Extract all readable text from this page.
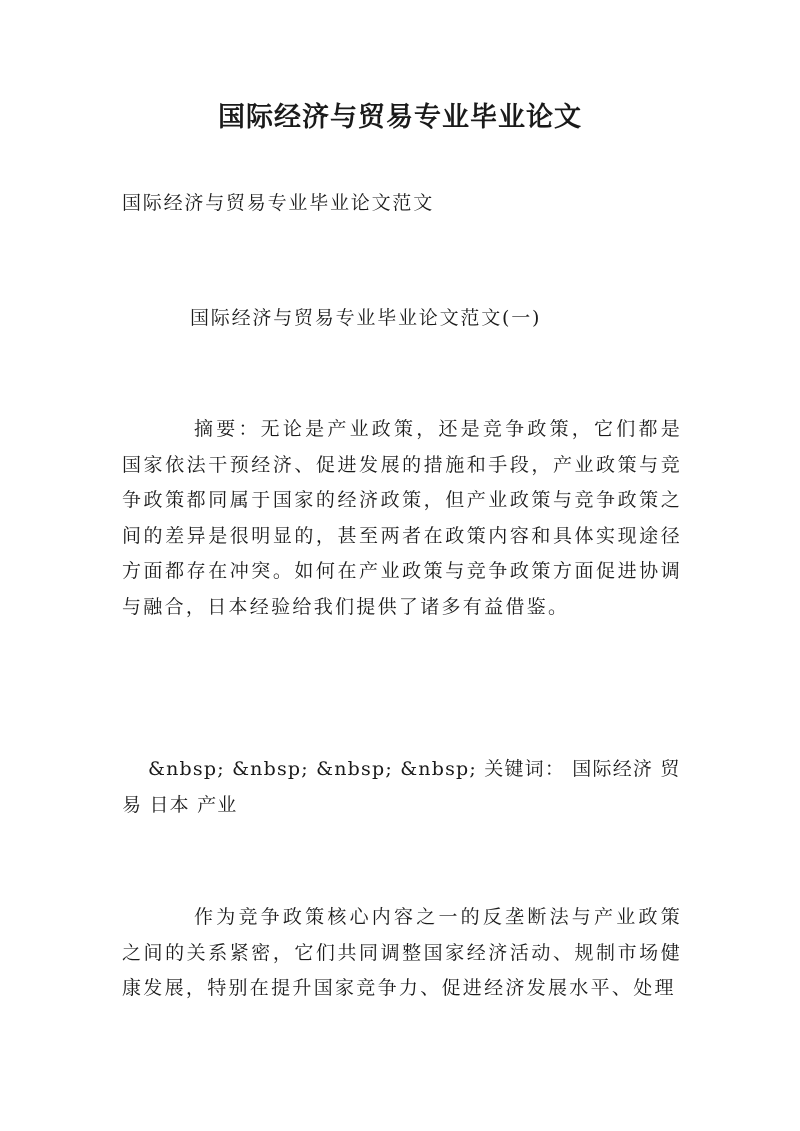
国际经济与贸易专业毕业论文
国际经济与贸易专业毕业论文范文
国际经济与贸易专业毕业论文范文(一)
摘要：无论是产业政策，还是竞争政策，它们都是国家依法干预经济、促进发展的措施和手段，产业政策与竞争政策都同属于国家的经济政策，但产业政策与竞争政策之间的差异是很明显的，甚至两者在政策内容和具体实现途径方面都存在冲突。如何在产业政策与竞争政策方面促进协调与融合，日本经验给我们提供了诸多有益借鉴。
&nbsp; &nbsp; &nbsp; &nbsp; 关键词： 国际经济 贸易 日本 产业
作为竞争政策核心内容之一的反垄断法与产业政策之间的关系紧密，它们共同调整国家经济活动、规制市场健康发展，特别在提升国家竞争力、促进经济发展水平、处理
